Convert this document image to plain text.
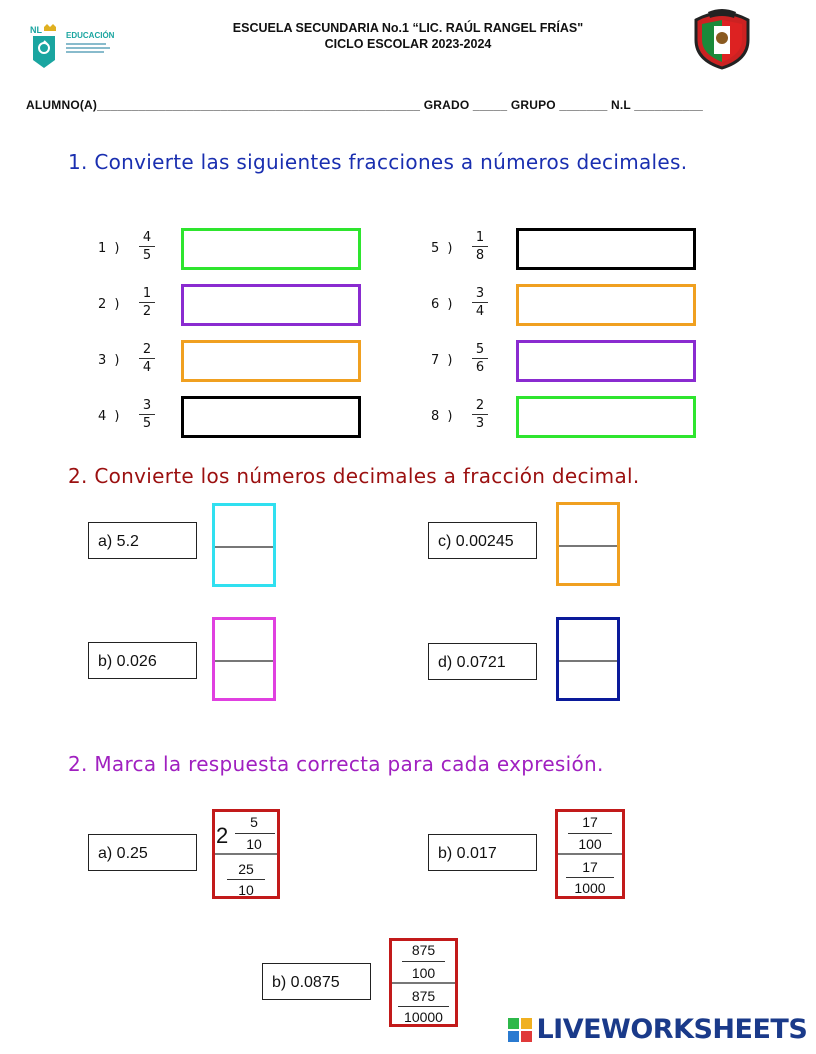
NL
EDUCACIÓN
ESCUELA SECUNDARIA No.1 “LIC. RAÚL RANGEL FRÍAS"
CICLO ESCOLAR 2023-2024
ALUMNO(A)_______________________________________________ GRADO _____ GRUPO _______ N.L __________
1. Convierte las siguientes fracciones a números decimales.
1 )
4
5
2 )
1
2
3 )
2
4
4 )
3
5
5 )
1
8
6 )
3
4
7 )
5
6
8 )
2
3
2. Convierte los números decimales a fracción decimal.
a) 5.2
b) 0.026
c) 0.00245
d) 0.0721
2. Marca la respuesta correcta para cada expresión.
a) 0.25
2
5
10
25
10
b) 0.017
17
100
17
1000
b) 0.0875
875
100
875
10000	LIVEWORKSHEETS
